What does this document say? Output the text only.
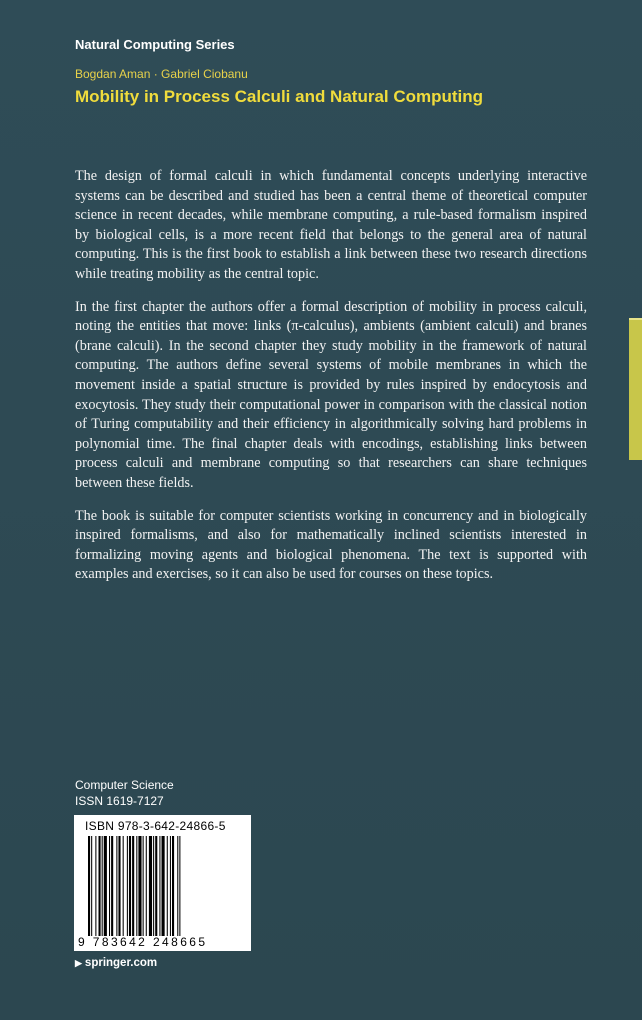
Natural Computing Series
Bogdan Aman · Gabriel Ciobanu
Mobility in Process Calculi and Natural Computing

The design of formal calculi in which fundamental concepts underlying interactive systems can be described and studied has been a central theme of theoretical computer science in recent decades, while membrane computing, a rule-based formalism inspired by biological cells, is a more recent field that belongs to the general area of natural computing. This is the first book to establish a link between these two research directions while treating mobility as the central topic.

In the first chapter the authors offer a formal description of mobility in process calculi, noting the entities that move: links (π-calculus), ambients (ambient calculi) and branes (brane calculi). In the second chapter they study mobility in the framework of natural computing. The authors define several systems of mobile membranes in which the movement inside a spatial structure is provided by rules inspired by endocytosis and exocytosis. They study their computational power in comparison with the classical notion of Turing computability and their efficiency in algorithmically solving hard problems in polynomial time. The final chapter deals with encodings, establishing links between process calculi and membrane computing so that researchers can share techniques between these fields.

The book is suitable for computer scientists working in concurrency and in biologically inspired formalisms, and also for mathematically inclined scientists interested in formalizing moving agents and biological phenomena. The text is supported with examples and exercises, so it can also be used for courses on these topics.

Computer Science
ISSN 1619-7127
ISBN 978-3-642-24866-5
9 783642 248665
▶ springer.com
